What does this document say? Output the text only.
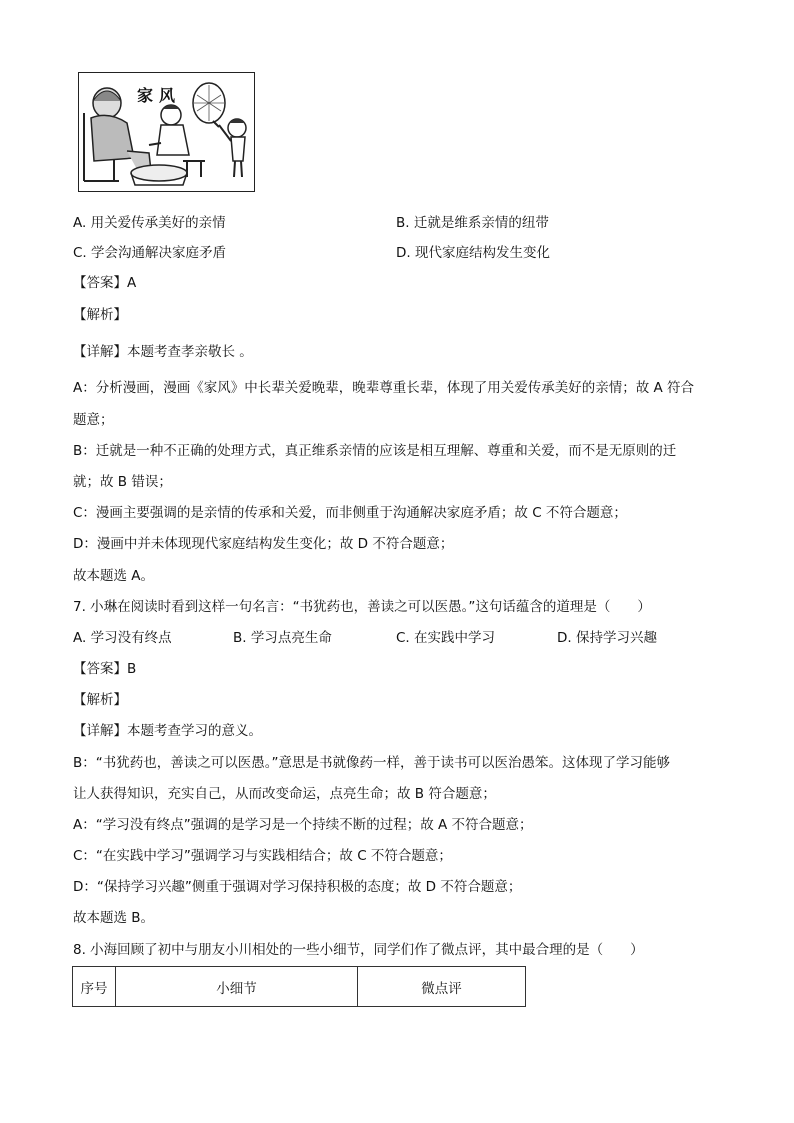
家风
A. 用关爱传承美好的亲情	B. 迁就是维系亲情的纽带
C. 学会沟通解决家庭矛盾	D. 现代家庭结构发生变化
【答案】A
【解析】
【详解】本题考查孝亲敬长 。
A：分析漫画，漫画《家风》中长辈关爱晚辈，晚辈尊重长辈，体现了用关爱传承美好的亲情；故 A 符合
题意；
B：迁就是一种不正确的处理方式，真正维系亲情的应该是相互理解、尊重和关爱，而不是无原则的迁
就；故 B 错误；
C：漫画主要强调的是亲情的传承和关爱，而非侧重于沟通解决家庭矛盾；故 C 不符合题意；
D：漫画中并未体现现代家庭结构发生变化；故 D 不符合题意；
故本题选 A。
7. 小琳在阅读时看到这样一句名言：“书犹药也，善读之可以医愚。”这句话蕴含的道理是（　　）
A. 学习没有终点	B. 学习点亮生命	C. 在实践中学习	D. 保持学习兴趣
【答案】B
【解析】
【详解】本题考查学习的意义。
B：“书犹药也，善读之可以医愚。”意思是书就像药一样，善于读书可以医治愚笨。这体现了学习能够
让人获得知识，充实自己，从而改变命运，点亮生命；故 B 符合题意；
A：“学习没有终点”强调的是学习是一个持续不断的过程；故 A 不符合题意；
C：“在实践中学习”强调学习与实践相结合；故 C 不符合题意；
D：“保持学习兴趣”侧重于强调对学习保持积极的态度；故 D 不符合题意；
故本题选 B。
8. 小海回顾了初中与朋友小川相处的一些小细节，同学们作了微点评，其中最合理的是（　　）
序号	小细节	微点评
